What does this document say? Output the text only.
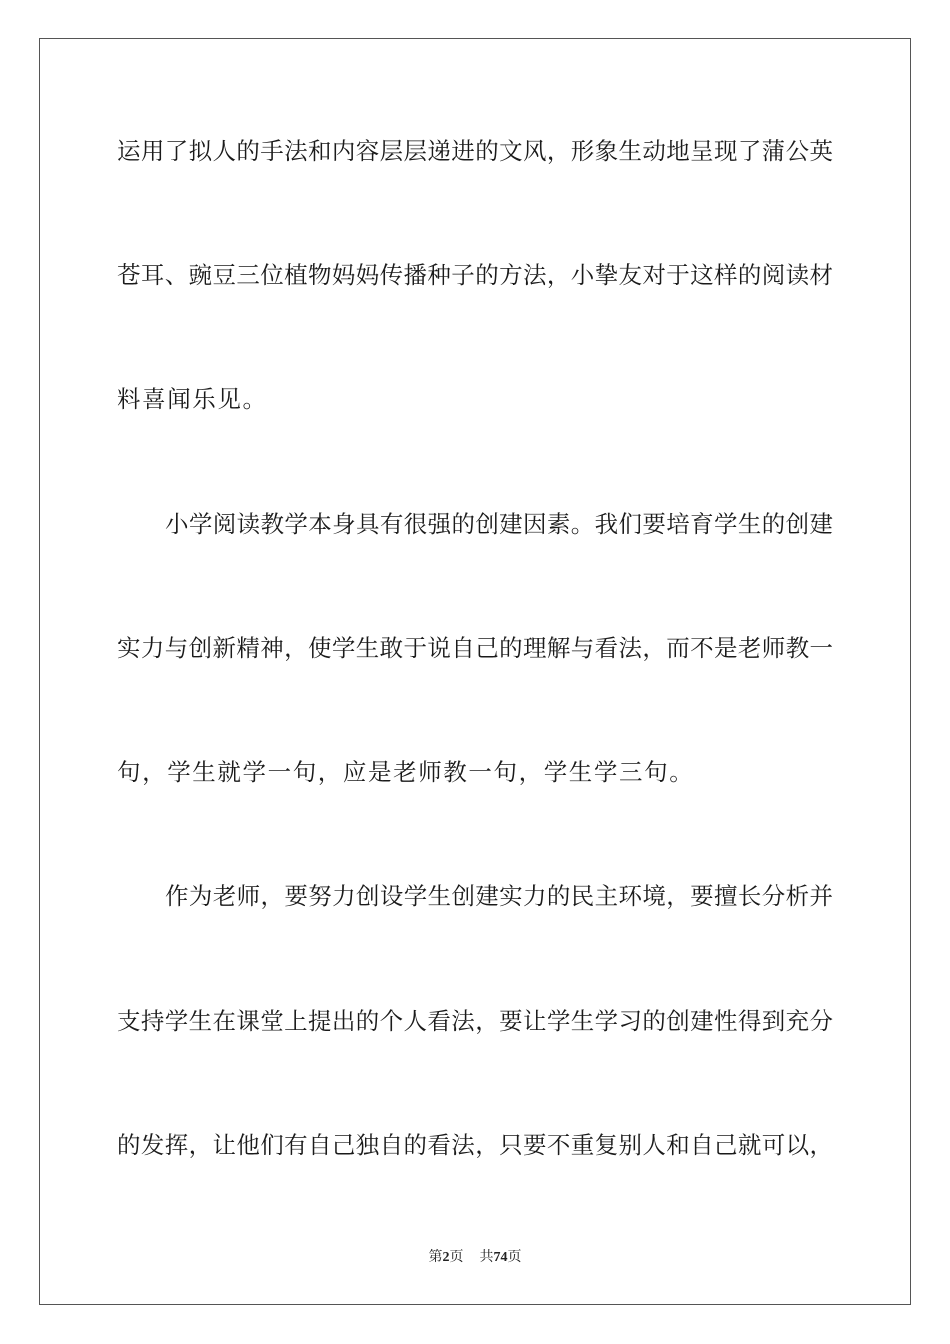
运用了拟人的手法和内容层层递进的文风，形象生动地呈现了蒲公英
苍耳、豌豆三位植物妈妈传播种子的方法，小挚友对于这样的阅读材
料喜闻乐见。
小学阅读教学本身具有很强的创建因素。我们要培育学生的创建
实力与创新精神，使学生敢于说自己的理解与看法，而不是老师教一
句，学生就学一句，应是老师教一句，学生学三句。
作为老师，要努力创设学生创建实力的民主环境，要擅长分析并
支持学生在课堂上提出的个人看法，要让学生学习的创建性得到充分
的发挥，让他们有自己独自的看法，只要不重复别人和自己就可以，
第2页 共74页
